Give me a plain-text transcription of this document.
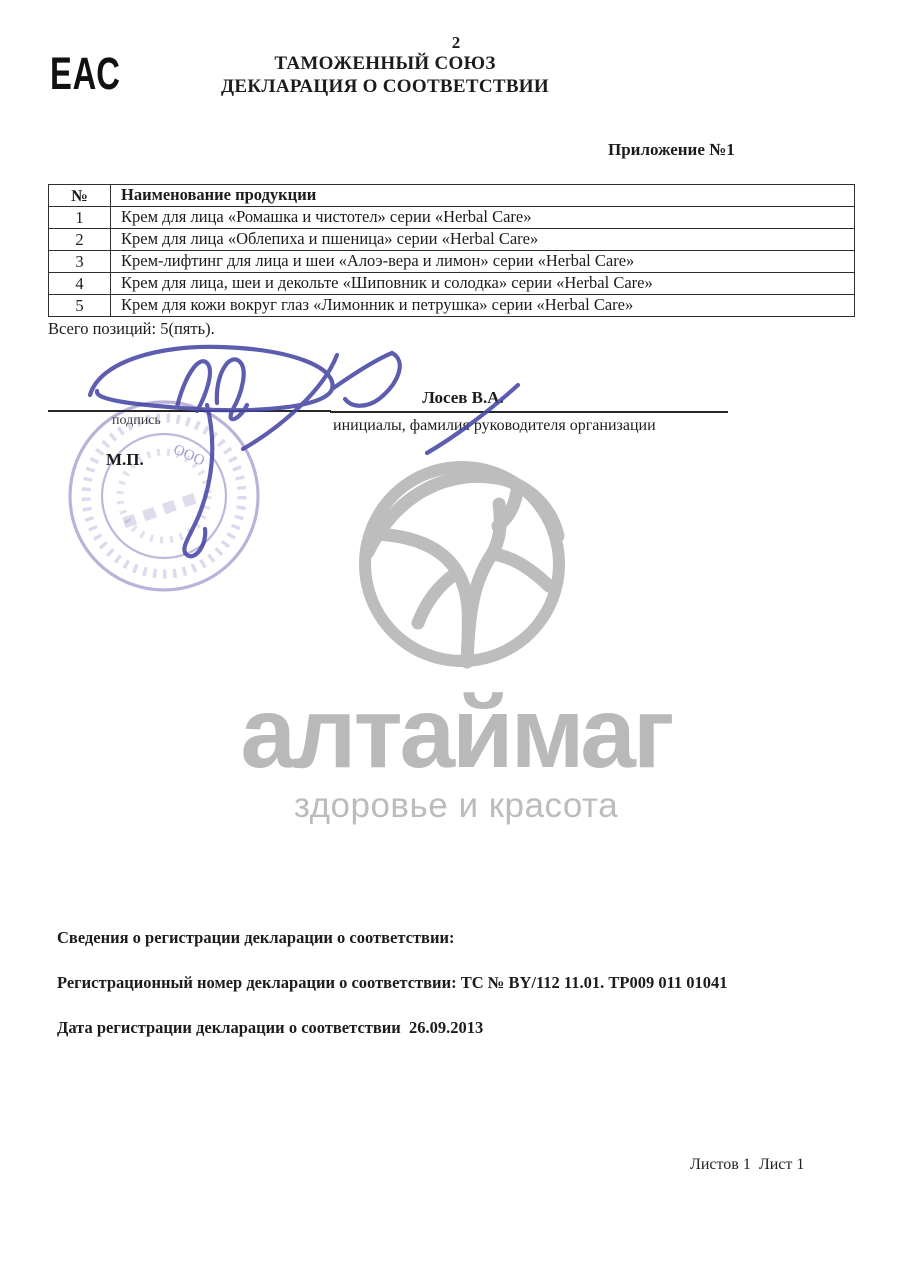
ЕАС
2
ТАМОЖЕННЫЙ СОЮЗ
ДЕКЛАРАЦИЯ О СООТВЕТСТВИИ
Приложение №1
№	Наименование продукции
1	Крем для лица «Ромашка и чистотел» серии «Herbal Care»
2	Крем для лица «Облепиха и пшеница» серии «Herbal Care»
3	Крем-лифтинг для лица и шеи «Алоэ-вера и лимон» серии «Herbal Care»
4	Крем для лица, шеи и декольте «Шиповник и солодка» серии «Herbal Care»
5	Крем для кожи вокруг глаз «Лимонник и петрушка» серии «Herbal Care»
Всего позиций: 5(пять).
ООО
подпись
М.П.
Лосев В.А.
инициалы, фамилия руководителя организации
алтаймаг
здоровье и красота
Сведения о регистрации декларации о соответствии:
Регистрационный номер декларации о соответствии: ТС № BY/112 11.01. ТР009 011 01041
Дата регистрации декларации о соответствии  26.09.2013
Листов 1  Лист 1
